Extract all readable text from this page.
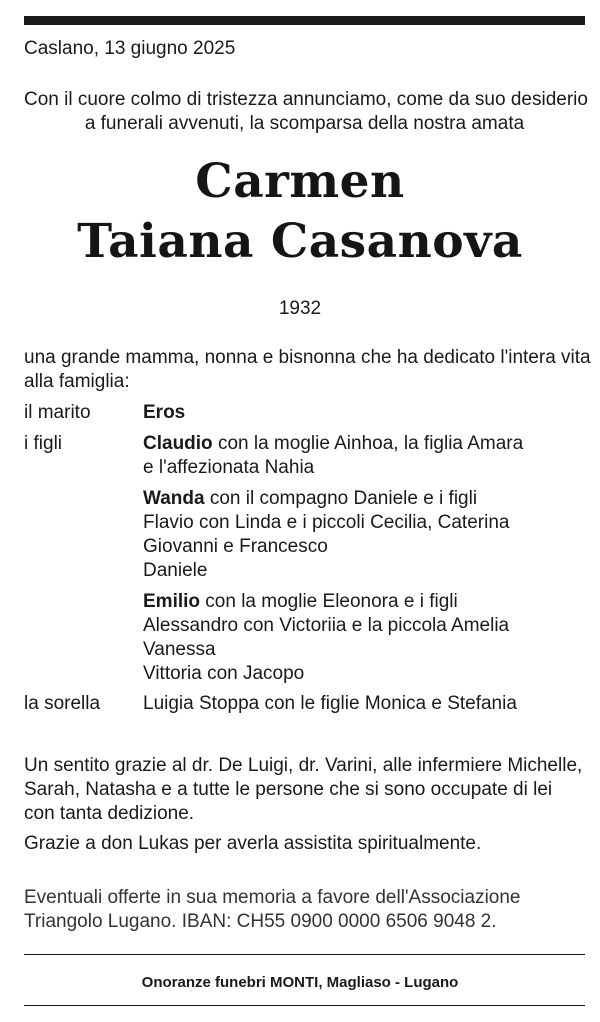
Caslano, 13 giugno 2025
Con il cuore colmo di tristezza annunciamo, come da suo desiderio
a funerali avvenuti, la scomparsa della nostra amata
Carmen
Taiana Casanova
1932
una grande mamma, nonna e bisnonna che ha dedicato l'intera vita
alla famiglia:
il marito	Eros
i figli	Claudio con la moglie Ainhoa, la figlia Amara
e l'affezionata Nahia
Wanda con il compagno Daniele e i figli
Flavio con Linda e i piccoli Cecilia, Caterina
Giovanni e Francesco
Daniele
Emilio con la moglie Eleonora e i figli
Alessandro con Victoriia e la piccola Amelia
Vanessa
Vittoria con Jacopo
la sorella Luigia Stoppa con le figlie Monica e Stefania
Un sentito grazie al dr. De Luigi, dr. Varini, alle infermiere Michelle,
Sarah, Natasha e a tutte le persone che si sono occupate di lei
con tanta dedizione.
Grazie a don Lukas per averla assistita spiritualmente.
Eventuali offerte in sua memoria a favore dell'Associazione
Triangolo Lugano. IBAN: CH55 0900 0000 6506 9048 2.
Onoranze funebri MONTI, Magliaso - Lugano
